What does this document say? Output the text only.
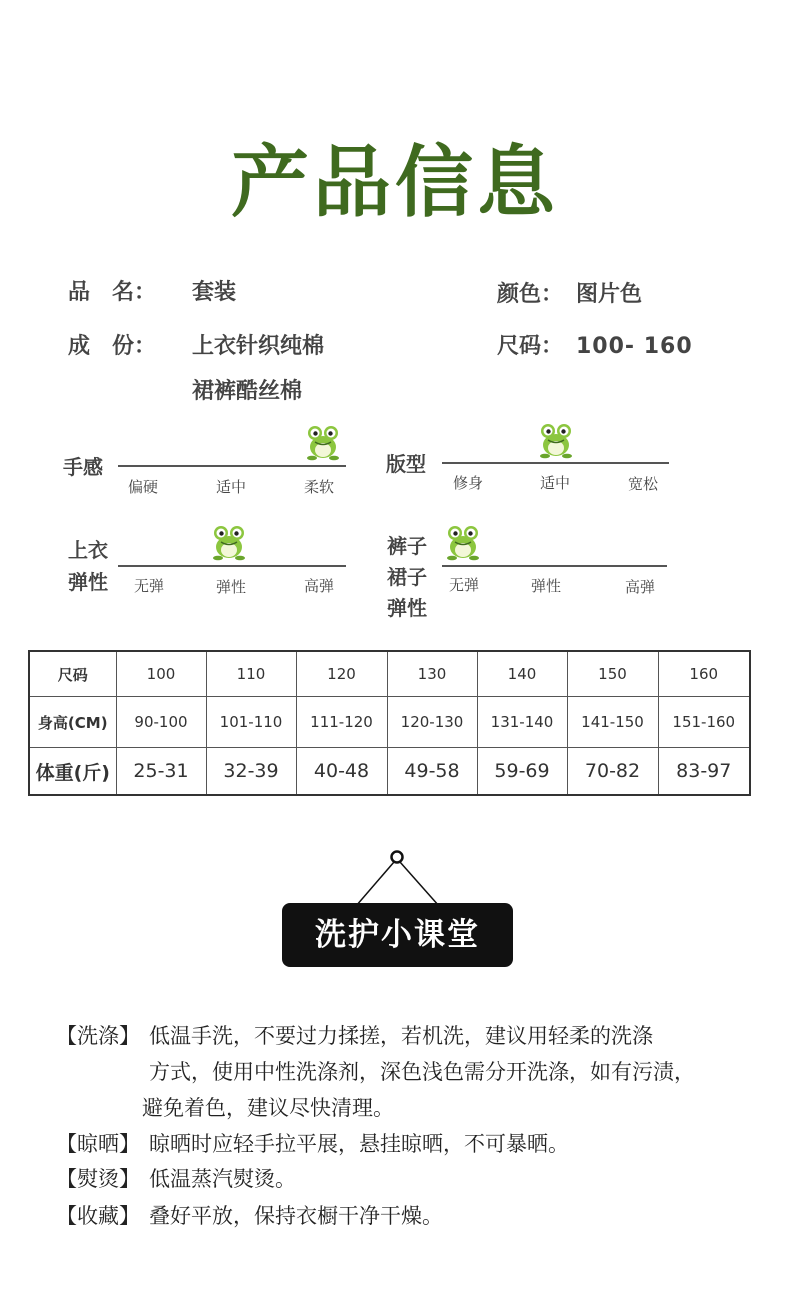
产品信息
品　名： 套装
成　份： 上衣针织纯棉
裙裤酷丝棉
颜色： 图片色
尺码： 100- 160
手感
偏硬	适中	柔软
版型
修身	适中	宽松
上衣
弹性	无弹	弹性	高弹
裤子
裙子
弹性
无弹	弹性	高弹
尺码	100	110	120	130	140	150	160
身高(CM)	90-100	101-110	111-120	120-130	131-140	141-150	151-160
体重(斤)	25-31	32-39	40-48	49-58	59-69	70-82	83-97
洗护小课堂
【洗涤】 低温手洗，不要过力揉搓，若机洗，建议用轻柔的洗涤
方式，使用中性洗涤剂，深色浅色需分开洗涤，如有污渍，
避免着色，建议尽快清理。
【晾晒】 晾晒时应轻手拉平展，悬挂晾晒，不可暴晒。
【熨烫】 低温蒸汽熨烫。
【收藏】 叠好平放，保持衣橱干净干燥。
